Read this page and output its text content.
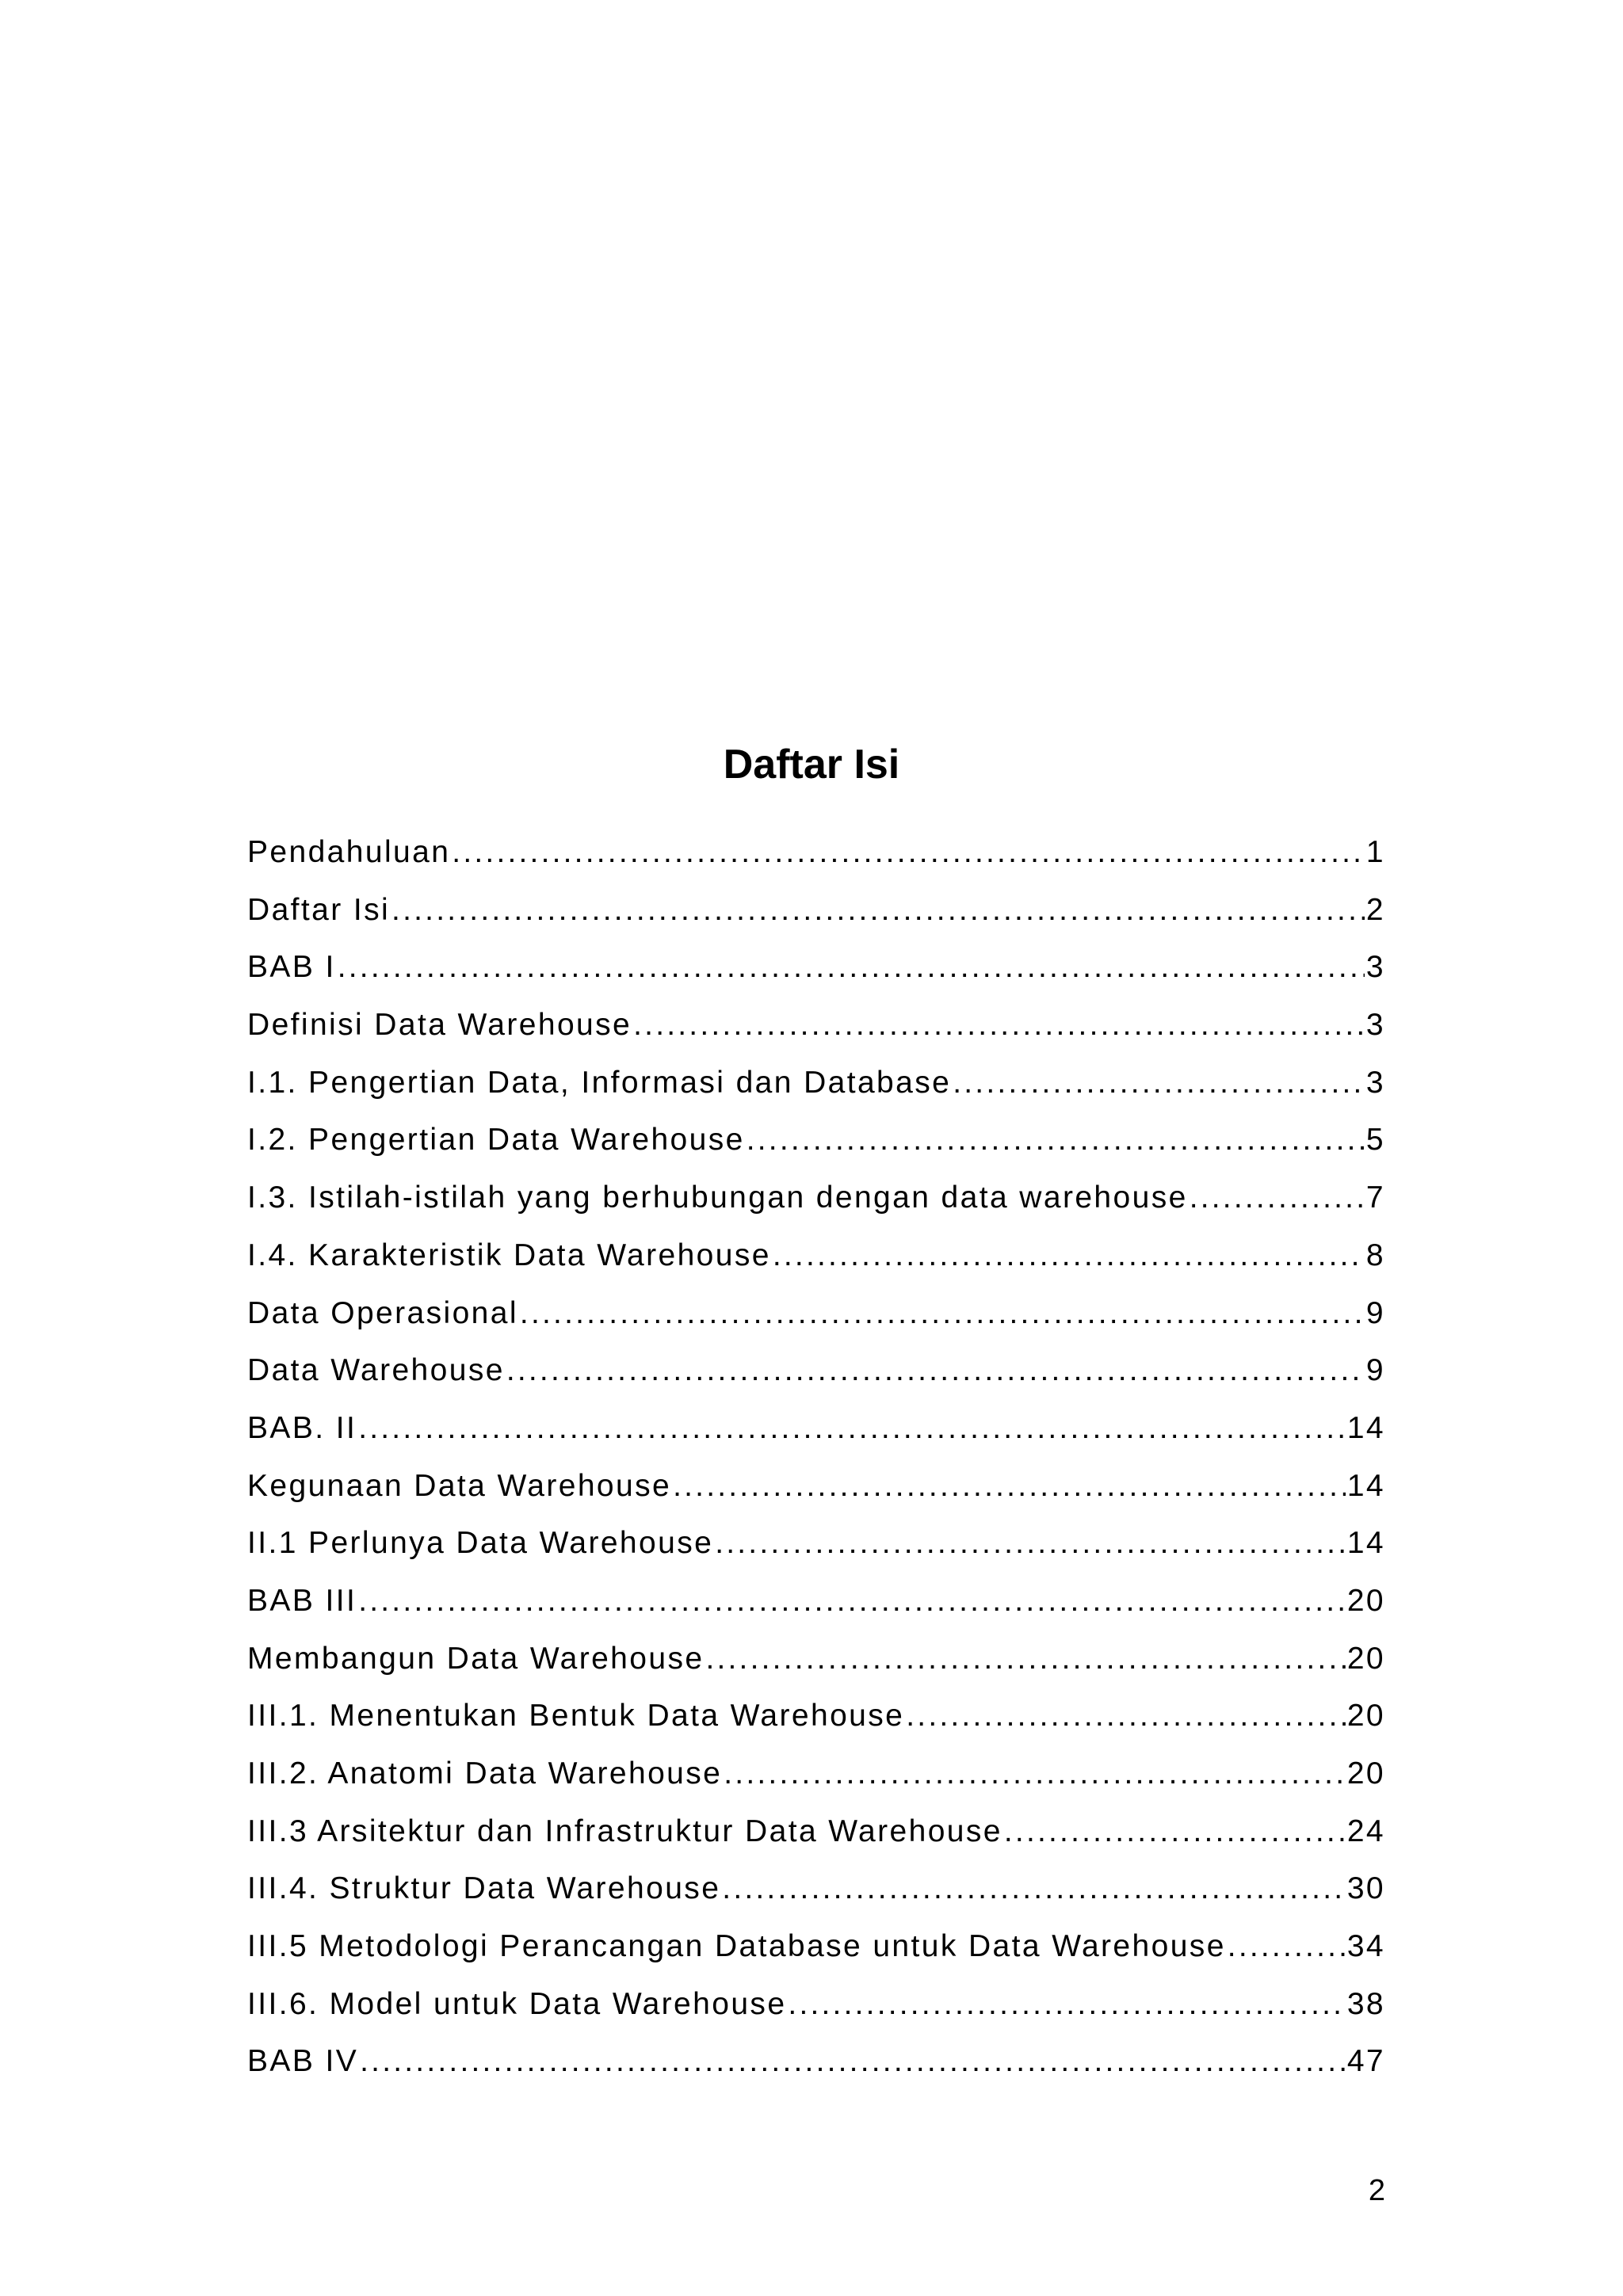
Daftar Isi
Pendahuluan .....	1
Daftar Isi .....	2
BAB I .....	3
Definisi Data Warehouse .....	3
I.1. Pengertian Data, Informasi dan Database .....	3
I.2. Pengertian Data Warehouse .....	5
I.3. Istilah-istilah yang berhubungan dengan data warehouse .....	7
I.4. Karakteristik Data Warehouse .....	8
Data Operasional .....	9
Data Warehouse .....	9
BAB. II .....	14
Kegunaan Data Warehouse .....	14
II.1 Perlunya Data Warehouse .....	14
BAB III .....	20
Membangun Data Warehouse .....	20
III.1. Menentukan Bentuk Data Warehouse .....	20
III.2. Anatomi Data Warehouse .....	20
III.3 Arsitektur dan Infrastruktur Data Warehouse .....	24
III.4. Struktur Data Warehouse .....	30
III.5 Metodologi Perancangan Database untuk Data Warehouse .....	34
III.6. Model untuk Data Warehouse .....	38
BAB IV .....	47
2
